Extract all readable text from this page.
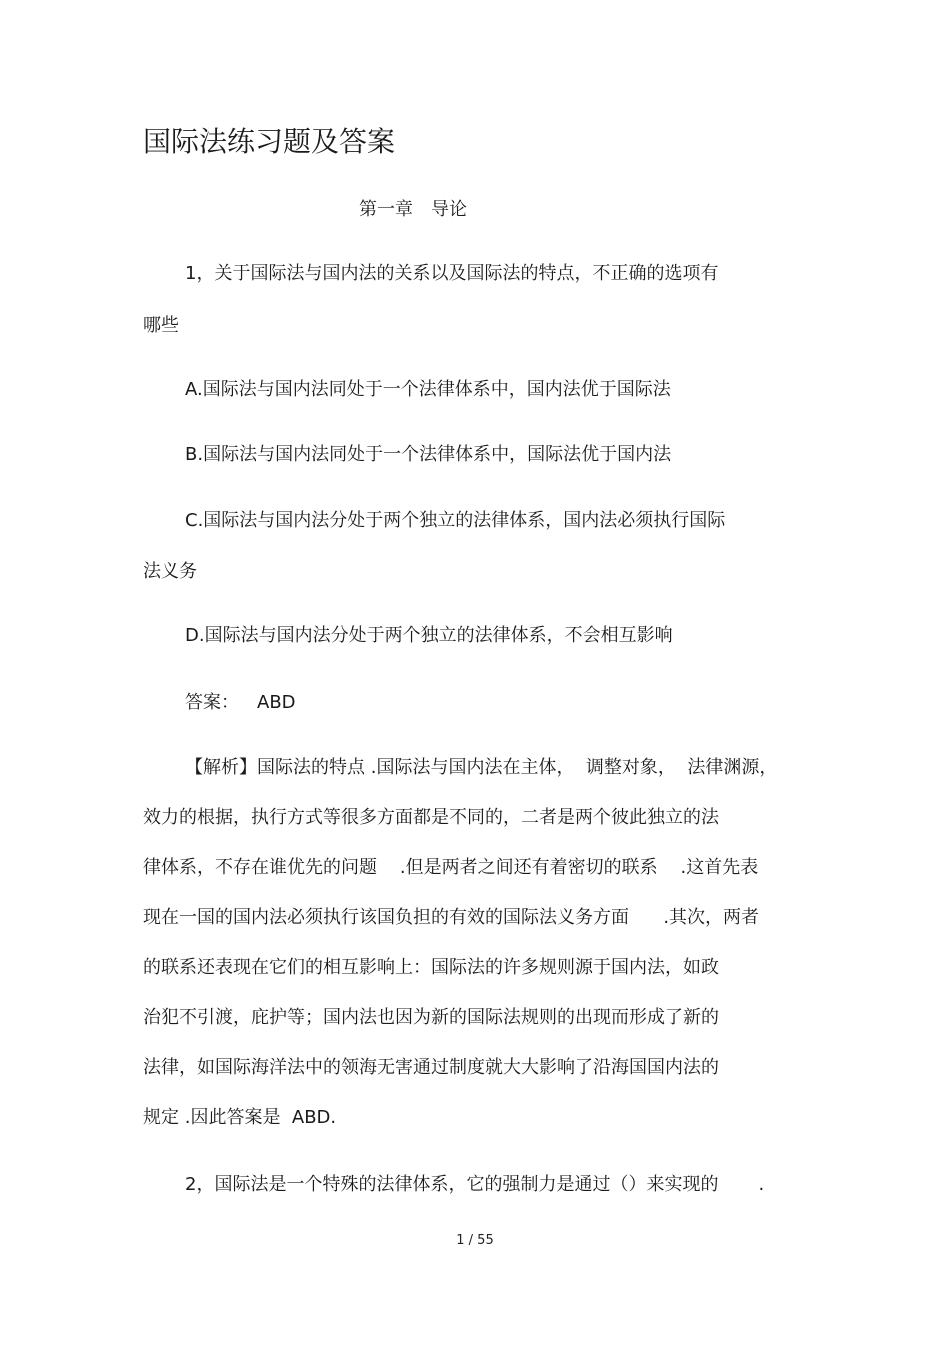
国际法练习题及答案
第一章 导论
1，关于国际法与国内法的关系以及国际法的特点，不正确的选项有
哪些
A.国际法与国内法同处于一个法律体系中，国内法优于国际法
B.国际法与国内法同处于一个法律体系中，国际法优于国内法
C.国际法与国内法分处于两个独立的法律体系，国内法必须执行国际
法义务
D.国际法与国内法分处于两个独立的法律体系，不会相互影响
答案： ABD
【解析】国际法的特点 .国际法与国内法在主体，  调整对象，  法律渊源，
效力的根据，执行方式等很多方面都是不同的，二者是两个彼此独立的法
律体系，不存在谁优先的问题    .但是两者之间还有着密切的联系    .这首先表
现在一国的国内法必须执行该国负担的有效的国际法义务方面      .其次，两者
的联系还表现在它们的相互影响上：国际法的许多规则源于国内法，如政
治犯不引渡，庇护等；国内法也因为新的国际法规则的出现而形成了新的
法律，如国际海洋法中的领海无害通过制度就大大影响了沿海国国内法的
规定 .因此答案是  ABD.
2，国际法是一个特殊的法律体系，它的强制力是通过（）来实现的       .
1 / 55
